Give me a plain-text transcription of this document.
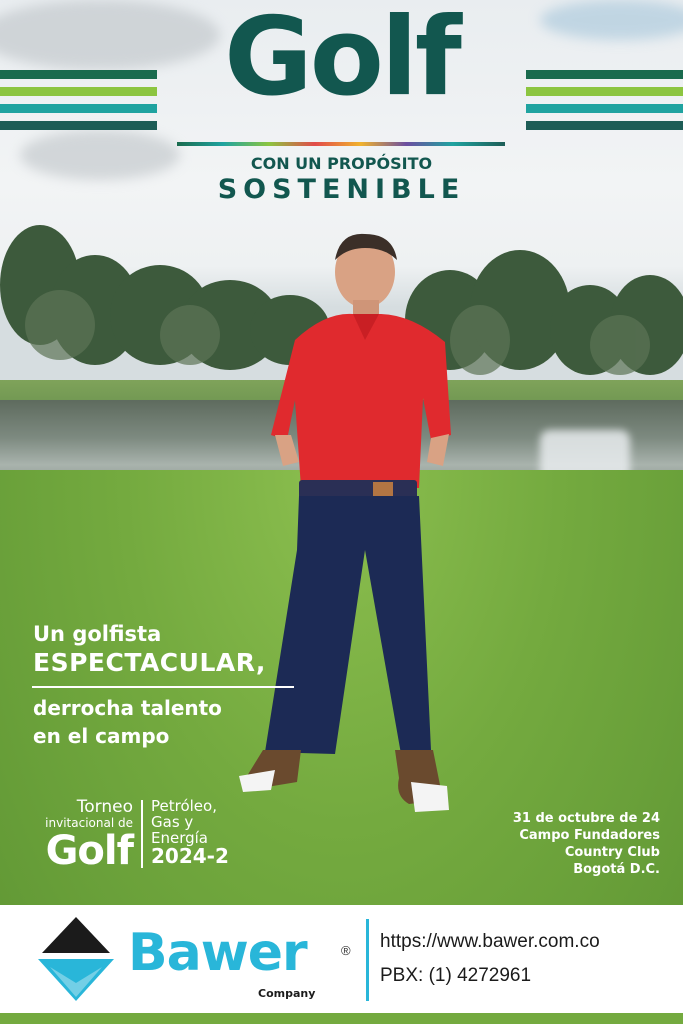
Golf
CON UN PROPÓSITO
SOSTENIBLE
Un golfista
ESPECTACULAR,
derrocha talento
en el campo
Torneo
invitacional de
Golf
Petróleo,
Gas y
Energía
2024-2
31 de octubre de 24
Campo Fundadores
Country Club
Bogotá D.C.
Bawer	®
Company
https://www.bawer.com.co
PBX: (1) 4272961
